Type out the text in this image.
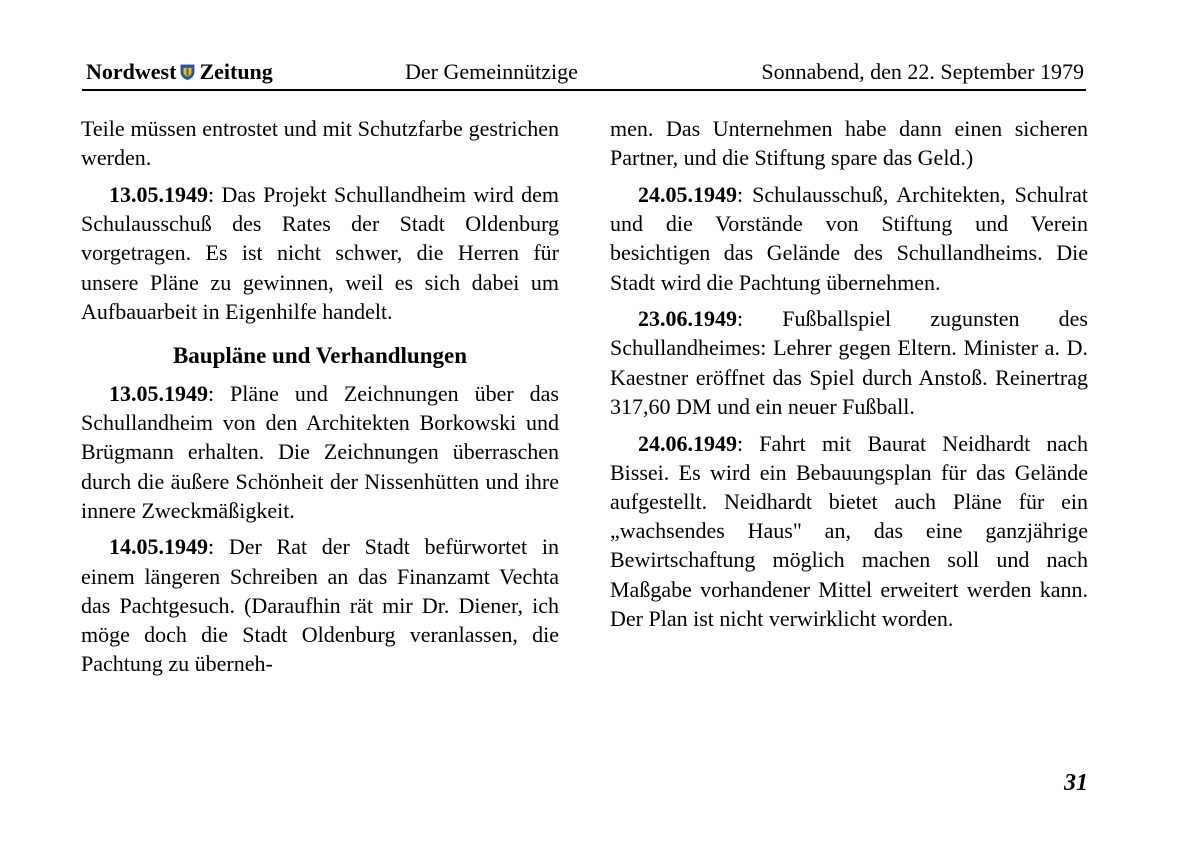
Nordwest Zeitung	Der Gemeinnützige	Sonnabend, den 22. September 1979

Teile müssen entrostet und mit Schutzfarbe gestrichen werden.

13.05.1949: Das Projekt Schullandheim wird dem Schulausschuß des Rates der Stadt Oldenburg vorgetragen. Es ist nicht schwer, die Herren für unsere Pläne zu gewinnen, weil es sich dabei um Aufbauarbeit in Eigenhilfe handelt.

Baupläne und Verhandlungen

13.05.1949: Pläne und Zeichnungen über das Schullandheim von den Architekten Borkowski und Brügmann erhalten. Die Zeichnungen überraschen durch die äußere Schönheit der Nissenhütten und ihre innere Zweckmäßigkeit.

14.05.1949: Der Rat der Stadt befürwortet in einem längeren Schreiben an das Finanzamt Vechta das Pachtgesuch. (Daraufhin rät mir Dr. Diener, ich möge doch die Stadt Oldenburg veranlassen, die Pachtung zu überneh-

men. Das Unternehmen habe dann einen sicheren Partner, und die Stiftung spare das Geld.)

24.05.1949: Schulausschuß, Architekten, Schulrat und die Vorstände von Stiftung und Verein besichtigen das Gelände des Schullandheims. Die Stadt wird die Pachtung übernehmen.

23.06.1949: Fußballspiel zugunsten des Schullandheimes: Lehrer gegen Eltern. Minister a. D. Kaestner eröffnet das Spiel durch Anstoß. Reinertrag 317,60 DM und ein neuer Fußball.

24.06.1949: Fahrt mit Baurat Neidhardt nach Bissei. Es wird ein Bebauungsplan für das Gelände aufgestellt. Neidhardt bietet auch Pläne für ein „wachsendes Haus" an, das eine ganzjährige Bewirtschaftung möglich machen soll und nach Maßgabe vorhandener Mittel erweitert werden kann. Der Plan ist nicht verwirklicht worden.

31
